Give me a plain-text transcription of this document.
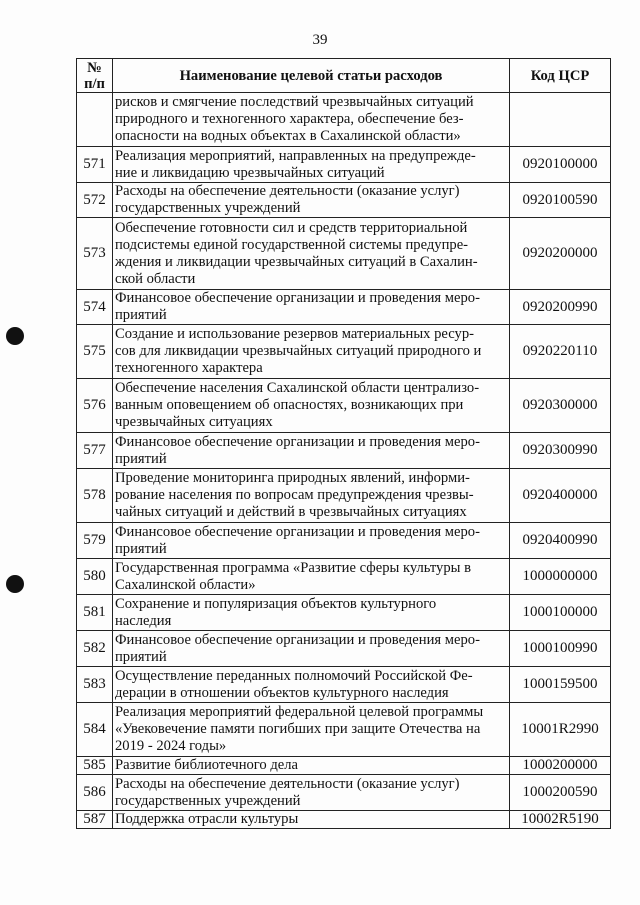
39
№
п/п	Наименование целевой статьи расходов	Код ЦСР
	рисков и смягчение последствий чрезвычайных ситуаций
природного и техногенного характера, обеспечение без-
опасности на водных объектах в Сахалинской области»	
571	Реализация мероприятий, направленных на предупрежде-
ние и ликвидацию чрезвычайных ситуаций	0920100000
572	Расходы на обеспечение деятельности (оказание услуг)
государственных учреждений	0920100590
573	Обеспечение готовности сил и средств территориальной
подсистемы единой государственной системы предупре-
ждения и ликвидации чрезвычайных ситуаций в Сахалин-
ской области	0920200000
574	Финансовое обеспечение организации и проведения меро-
приятий	0920200990
575	Создание и использование резервов материальных ресур-
сов для ликвидации чрезвычайных ситуаций природного и
техногенного характера	0920220110
576	Обеспечение населения Сахалинской области централизо-
ванным оповещением об опасностях, возникающих при
чрезвычайных ситуациях	0920300000
577	Финансовое обеспечение организации и проведения меро-
приятий	0920300990
578	Проведение мониторинга природных явлений, информи-
рование населения по вопросам предупреждения чрезвы-
чайных ситуаций и действий в чрезвычайных ситуациях	0920400000
579	Финансовое обеспечение организации и проведения меро-
приятий	0920400990
580	Государственная программа «Развитие сферы культуры в
Сахалинской области»	1000000000
581	Сохранение и популяризация объектов культурного
наследия	1000100000
582	Финансовое обеспечение организации и проведения меро-
приятий	1000100990
583	Осуществление переданных полномочий Российской Фе-
дерации в отношении объектов культурного наследия	1000159500
584	Реализация мероприятий федеральной целевой программы
«Увековечение памяти погибших при защите Отечества на
2019 - 2024 годы»	10001R2990
585	Развитие библиотечного дела	1000200000
586	Расходы на обеспечение деятельности (оказание услуг)
государственных учреждений	1000200590
587	Поддержка отрасли культуры	10002R5190
